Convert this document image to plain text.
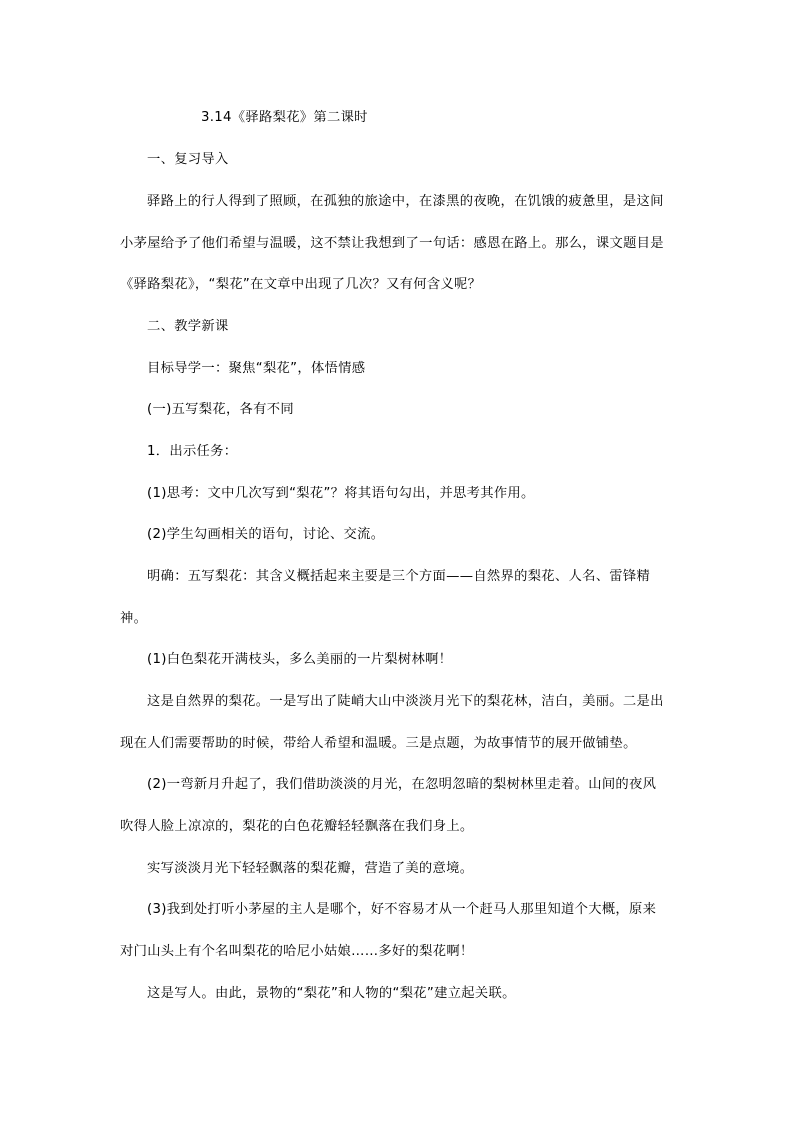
3.14《驿路梨花》第二课时
一、复习导入
驿路上的行人得到了照顾，在孤独的旅途中，在漆黑的夜晚，在饥饿的疲惫里，是这间
小茅屋给予了他们希望与温暖，这不禁让我想到了一句话：感恩在路上。那么，课文题目是
《驿路梨花》，“梨花”在文章中出现了几次？又有何含义呢？
二、教学新课
目标导学一：聚焦“梨花”，体悟情感
(一)五写梨花，各有不同
1．出示任务：
(1)思考：文中几次写到“梨花”？将其语句勾出，并思考其作用。
(2)学生勾画相关的语句，讨论、交流。
明确：五写梨花：其含义概括起来主要是三个方面——自然界的梨花、人名、雷锋精
神。
(1)白色梨花开满枝头，多么美丽的一片梨树林啊！
这是自然界的梨花。一是写出了陡峭大山中淡淡月光下的梨花林，洁白，美丽。二是出
现在人们需要帮助的时候，带给人希望和温暖。三是点题，为故事情节的展开做铺垫。
(2)一弯新月升起了，我们借助淡淡的月光，在忽明忽暗的梨树林里走着。山间的夜风
吹得人脸上凉凉的，梨花的白色花瓣轻轻飘落在我们身上。
实写淡淡月光下轻轻飘落的梨花瓣，营造了美的意境。
(3)我到处打听小茅屋的主人是哪个，好不容易才从一个赶马人那里知道个大概，原来
对门山头上有个名叫梨花的哈尼小姑娘……多好的梨花啊！
这是写人。由此，景物的“梨花”和人物的“梨花”建立起关联。
